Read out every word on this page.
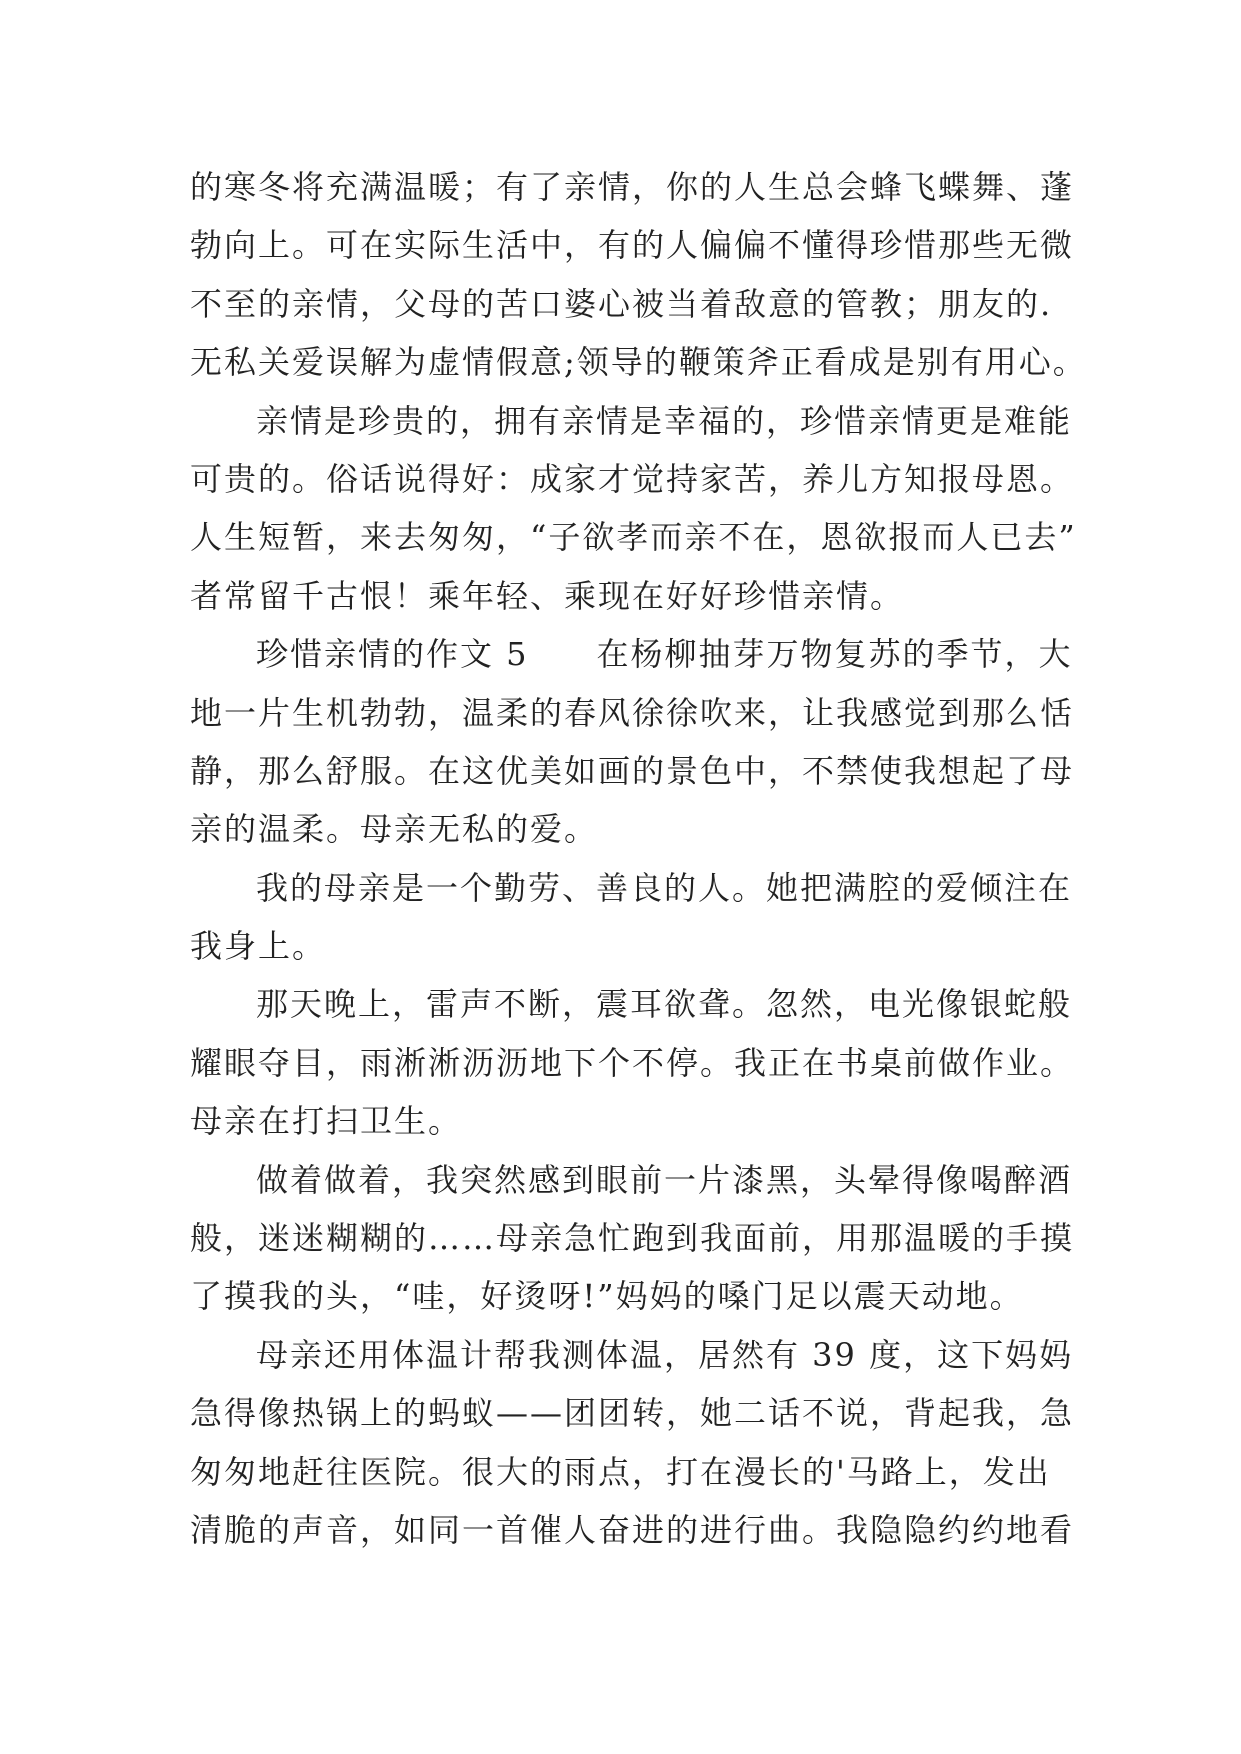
的寒冬将充满温暖；有了亲情，你的人生总会蜂飞蝶舞、蓬
勃向上。可在实际生活中，有的人偏偏不懂得珍惜那些无微
不至的亲情，父母的苦口婆心被当着敌意的管教；朋友的.
无私关爱误解为虚情假意;领导的鞭策斧正看成是别有用心。
亲情是珍贵的，拥有亲情是幸福的，珍惜亲情更是难能
可贵的。俗话说得好：成家才觉持家苦，养儿方知报母恩。
人生短暂，来去匆匆，“子欲孝而亲不在，恩欲报而人已去”
者常留千古恨！乘年轻、乘现在好好珍惜亲情。
珍惜亲情的作文 5　　在杨柳抽芽万物复苏的季节，大
地一片生机勃勃，温柔的春风徐徐吹来，让我感觉到那么恬
静，那么舒服。在这优美如画的景色中，不禁使我想起了母
亲的温柔。母亲无私的爱。
我的母亲是一个勤劳、善良的人。她把满腔的爱倾注在
我身上。
那天晚上，雷声不断，震耳欲聋。忽然，电光像银蛇般
耀眼夺目，雨淅淅沥沥地下个不停。我正在书桌前做作业。
母亲在打扫卫生。
做着做着，我突然感到眼前一片漆黑，头晕得像喝醉酒
般，迷迷糊糊的……母亲急忙跑到我面前，用那温暖的手摸
了摸我的头，“哇，好烫呀!”妈妈的嗓门足以震天动地。
母亲还用体温计帮我测体温，居然有 39 度，这下妈妈
急得像热锅上的蚂蚁——团团转，她二话不说，背起我，急
匆匆地赶往医院。很大的雨点，打在漫长的'马路上，发出
清脆的声音，如同一首催人奋进的进行曲。我隐隐约约地看
